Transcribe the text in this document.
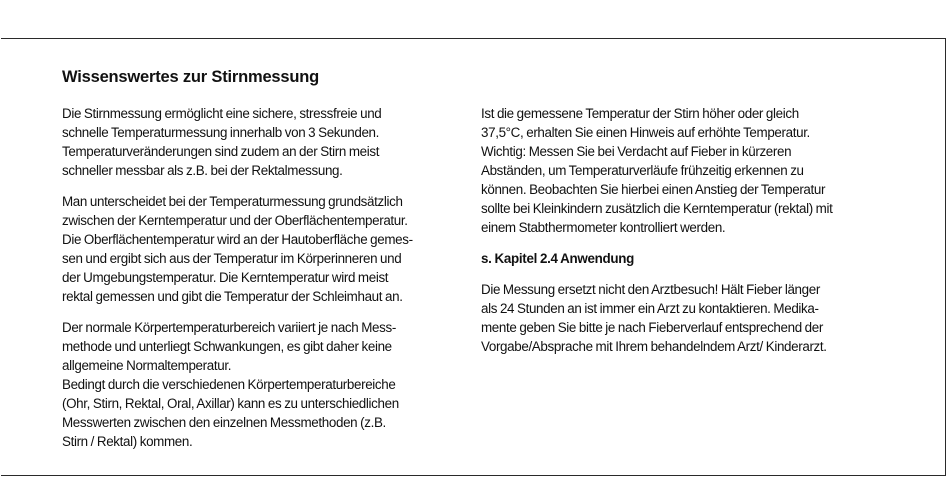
Wissenswertes zur Stirnmessung

Die Stirnmessung ermöglicht eine sichere, stressfreie und
schnelle Temperaturmessung innerhalb von 3 Sekunden.
Temperaturveränderungen sind zudem an der Stirn meist
schneller messbar als z.B. bei der Rektalmessung.

Man unterscheidet bei der Temperaturmessung grundsätzlich
zwischen der Kerntemperatur und der Oberflächentemperatur.
Die Oberflächentemperatur wird an der Hautoberfläche gemes-
sen und ergibt sich aus der Temperatur im Körperinneren und
der Umgebungstemperatur. Die Kerntemperatur wird meist
rektal gemessen und gibt die Temperatur der Schleimhaut an.

Der normale Körpertemperaturbereich variiert je nach Mess-
methode und unterliegt Schwankungen, es gibt daher keine
allgemeine Normaltemperatur.
Bedingt durch die verschiedenen Körpertemperaturbereiche
(Ohr, Stirn, Rektal, Oral, Axillar) kann es zu unterschiedlichen
Messwerten zwischen den einzelnen Messmethoden (z.B.
Stirn / Rektal) kommen.

Ist die gemessene Temperatur der Stirn höher oder gleich
37,5°C, erhalten Sie einen Hinweis auf erhöhte Temperatur.
Wichtig: Messen Sie bei Verdacht auf Fieber in kürzeren
Abständen, um Temperaturverläufe frühzeitig erkennen zu
können. Beobachten Sie hierbei einen Anstieg der Temperatur
sollte bei Kleinkindern zusätzlich die Kerntemperatur (rektal) mit
einem Stabthermometer kontrolliert werden.

s. Kapitel 2.4 Anwendung

Die Messung ersetzt nicht den Arztbesuch! Hält Fieber länger
als 24 Stunden an ist immer ein Arzt zu kontaktieren. Medika-
mente geben Sie bitte je nach Fieberverlauf entsprechend der
Vorgabe/Absprache mit Ihrem behandelndem Arzt/ Kinderarzt.
